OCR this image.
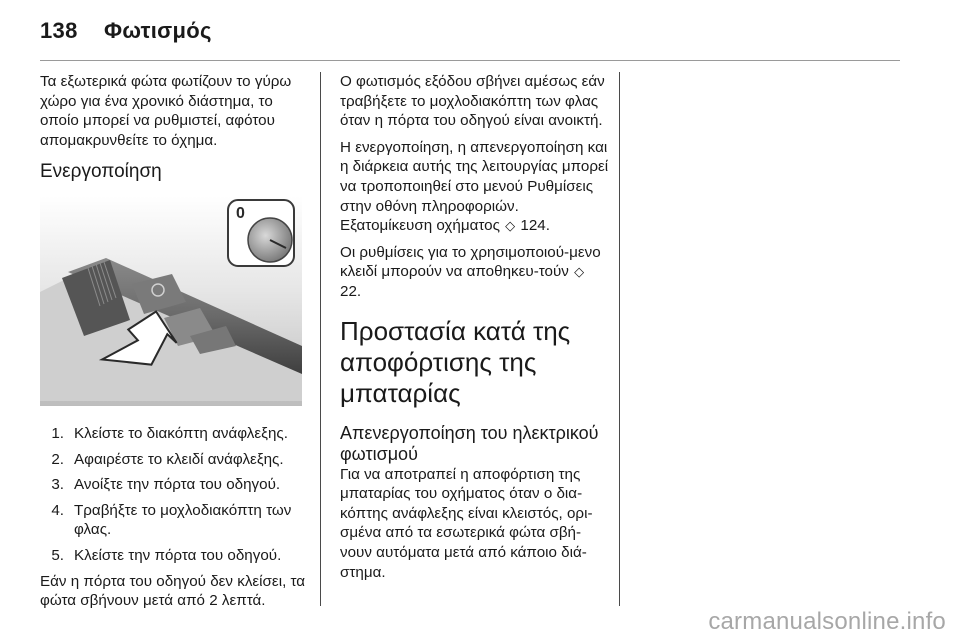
138 Φωτισμός

Τα εξωτερικά φώτα φωτίζουν το γύρω χώρο για ένα χρονικό διάστημα, το οποίο μπορεί να ρυθμιστεί, αφότου απομακρυνθείτε το όχημα.

Ενεργοποίηση
0
1. Κλείστε το διακόπτη ανάφλεξης.
2. Αφαιρέστε το κλειδί ανάφλεξης.
3. Ανοίξτε την πόρτα του οδηγού.
4. Τραβήξτε το μοχλοδιακόπτη των φλας.
5. Κλείστε την πόρτα του οδηγού.

Εάν η πόρτα του οδηγού δεν κλείσει, τα φώτα σβήνουν μετά από 2 λεπτά.

Ο φωτισμός εξόδου σβήνει αμέσως εάν τραβήξετε το μοχλοδιακόπτη των φλας όταν η πόρτα του οδηγού είναι ανοικτή.

Η ενεργοποίηση, η απενεργοποίηση και η διάρκεια αυτής της λειτουργίας μπορεί να τροποποιηθεί στο μενού Ρυθμίσεις στην οθόνη πληροφοριών. Εξατομίκευση οχήματος ◇ 124.

Οι ρυθμίσεις για το χρησιμοποιού-μενο κλειδί μπορούν να αποθηκευ-τούν ◇ 22.

Προστασία κατά της αποφόρτισης της μπαταρίας
Απενεργοποίηση του ηλεκτρικού φωτισμού

Για να αποτραπεί η αποφόρτιση της μπαταρίας του οχήματος όταν ο δια-κόπτης ανάφλεξης είναι κλειστός, ορι-σμένα από τα εσωτερικά φώτα σβή-νουν αυτόματα μετά από κάποιο διά-στημα.

carmanualsonline.info
